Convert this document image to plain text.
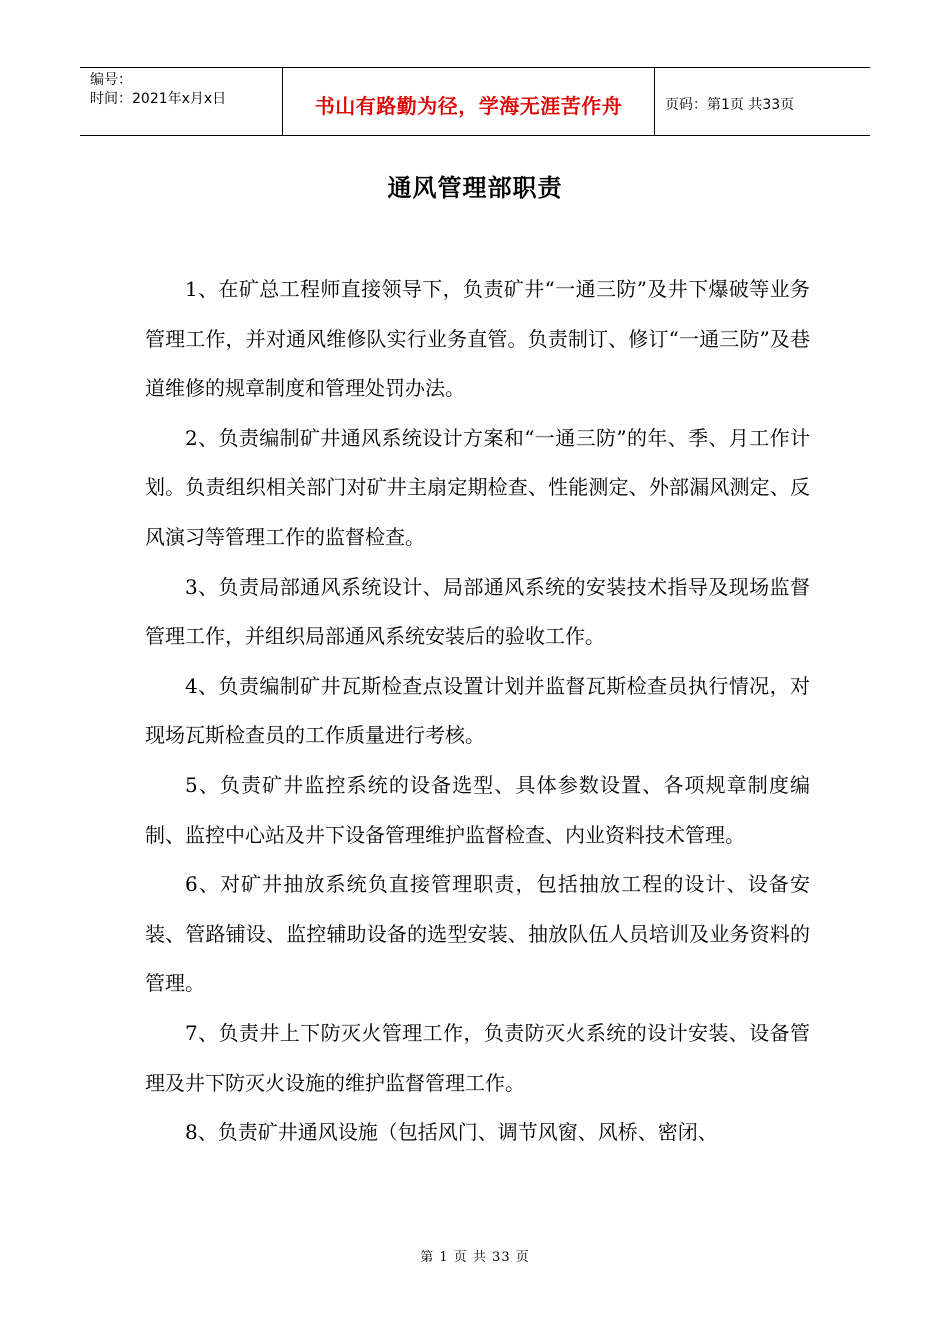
编号：
时间：2021年x月x日	书山有路勤为径，学海无涯苦作舟	页码：第1页 共33页
通风管理部职责

1、在矿总工程师直接领导下，负责矿井“一通三防”及井下爆破等业务管理工作，并对通风维修队实行业务直管。负责制订、修订“一通三防”及巷道维修的规章制度和管理处罚办法。

2、负责编制矿井通风系统设计方案和“一通三防”的年、季、月工作计划。负责组织相关部门对矿井主扇定期检查、性能测定、外部漏风测定、反风演习等管理工作的监督检查。

3、负责局部通风系统设计、局部通风系统的安装技术指导及现场监督管理工作，并组织局部通风系统安装后的验收工作。

4、负责编制矿井瓦斯检查点设置计划并监督瓦斯检查员执行情况，对现场瓦斯检查员的工作质量进行考核。

5、负责矿井监控系统的设备选型、具体参数设置、各项规章制度编制、监控中心站及井下设备管理维护监督检查、内业资料技术管理。

6、对矿井抽放系统负直接管理职责，包括抽放工程的设计、设备安装、管路铺设、监控辅助设备的选型安装、抽放队伍人员培训及业务资料的管理。

7、负责井上下防灭火管理工作，负责防灭火系统的设计安装、设备管理及井下防灭火设施的维护监督管理工作。

8、负责矿井通风设施（包括风门、调节风窗、风桥、密闭、

第 1 页 共 33 页
